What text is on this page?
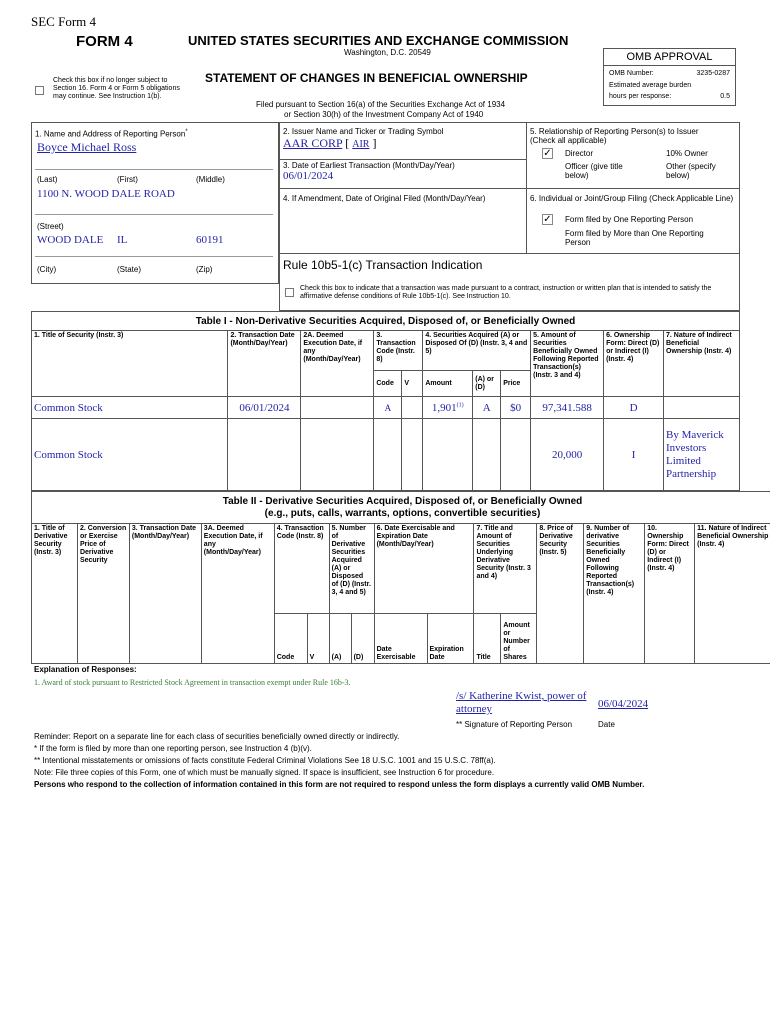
SEC Form 4
FORM 4	UNITED STATES SECURITIES AND EXCHANGE COMMISSION
Washington, D.C. 20549
Check this box if no longer subject to Section 16. Form 4 or Form 5 obligations may continue. See Instruction 1(b).
STATEMENT OF CHANGES IN BENEFICIAL OWNERSHIP
Filed pursuant to Section 16(a) of the Securities Exchange Act of 1934
or Section 30(h) of the Investment Company Act of 1940
OMB APPROVAL
OMB Number:	3235-0287
Estimated average burden
hours per response:	0.5
1. Name and Address of Reporting Person*
Boyce Michael Ross
(Last)	(First)	(Middle)
1100 N. WOOD DALE ROAD
(Street)
WOOD DALE IL	60191
(City)	(State)	(Zip)
2. Issuer Name and Ticker or Trading Symbol
AAR CORP [ AIR ]
3. Date of Earliest Transaction (Month/Day/Year)
06/01/2024
4. If Amendment, Date of Original Filed (Month/Day/Year)
5. Relationship of Reporting Person(s) to Issuer
(Check all applicable)
✓ Director	10% Owner
Officer (give title below)
Other (specify below)
6. Individual or Joint/Group Filing (Check Applicable Line)
✓ Form filed by One Reporting Person
Form filed by More than One Reporting Person
Rule 10b5-1(c) Transaction Indication
Check this box to indicate that a transaction was made pursuant to a contract, instruction or written plan that is intended to satisfy the affirmative defense conditions of Rule 10b5-1(c). See Instruction 10.
Table I - Non-Derivative Securities Acquired, Disposed of, or Beneficially Owned
1. Title of Security (Instr. 3)	2. Transaction Date (Month/Day/Year)	2A. Deemed Execution Date, if any (Month/Day/Year)	3. Transaction Code (Instr. 8)		4. Securities Acquired (A) or Disposed Of (D) (Instr. 3, 4 and 5)			5. Amount of Securities Beneficially Owned Following Reported Transaction(s) (Instr. 3 and 4)	6. Ownership Form: Direct (D) or Indirect (I) (Instr. 4)	7. Nature of Indirect Beneficial Ownership (Instr. 4)
			Code	V	Amount	(A) or (D)	Price			
Common Stock	06/01/2024		A		1,901$^{(1)}$	A	$0	97,341.588	D	
Common Stock								20,000	I	By Maverick Investors Limited Partnership
Table II - Derivative Securities Acquired, Disposed of, or Beneficially Owned
(e.g., puts, calls, warrants, options, convertible securities)
1. Title of Derivative Security (Instr. 3)	2. Conversion or Exercise Price of Derivative Security	3. Transaction Date (Month/Day/Year)	3A. Deemed Execution Date, if any (Month/Day/Year)	4. Transaction Code (Instr. 8)		5. Number of Derivative Securities Acquired (A) or Disposed of (D) (Instr. 3, 4 and 5)		6. Date Exercisable and Expiration Date (Month/Day/Year)		7. Title and Amount of Securities Underlying Derivative Security (Instr. 3 and 4)		8. Price of Derivative Security (Instr. 5)	9. Number of derivative Securities Beneficially Owned Following Reported Transaction(s) (Instr. 4)	10. Ownership Form: Direct (D) or Indirect (I) (Instr. 4)	11. Nature of Indirect Beneficial Ownership (Instr. 4)
				Code	V	(A)	(D)	Date Exercisable	Expiration Date	Title	Amount or Number of Shares				
Explanation of Responses:
1. Award of stock pursuant to Restricted Stock Agreement in transaction exempt under Rule 16b-3.
/s/ Katherine Kwist, power of attorney	06/04/2024
** Signature of Reporting Person	Date
Reminder: Report on a separate line for each class of securities beneficially owned directly or indirectly.
* If the form is filed by more than one reporting person, see Instruction 4 (b)(v).
** Intentional misstatements or omissions of facts constitute Federal Criminal Violations See 18 U.S.C. 1001 and 15 U.S.C. 78ff(a).
Note: File three copies of this Form, one of which must be manually signed. If space is insufficient, see Instruction 6 for procedure.
Persons who respond to the collection of information contained in this form are not required to respond unless the form displays a currently valid OMB Number.
